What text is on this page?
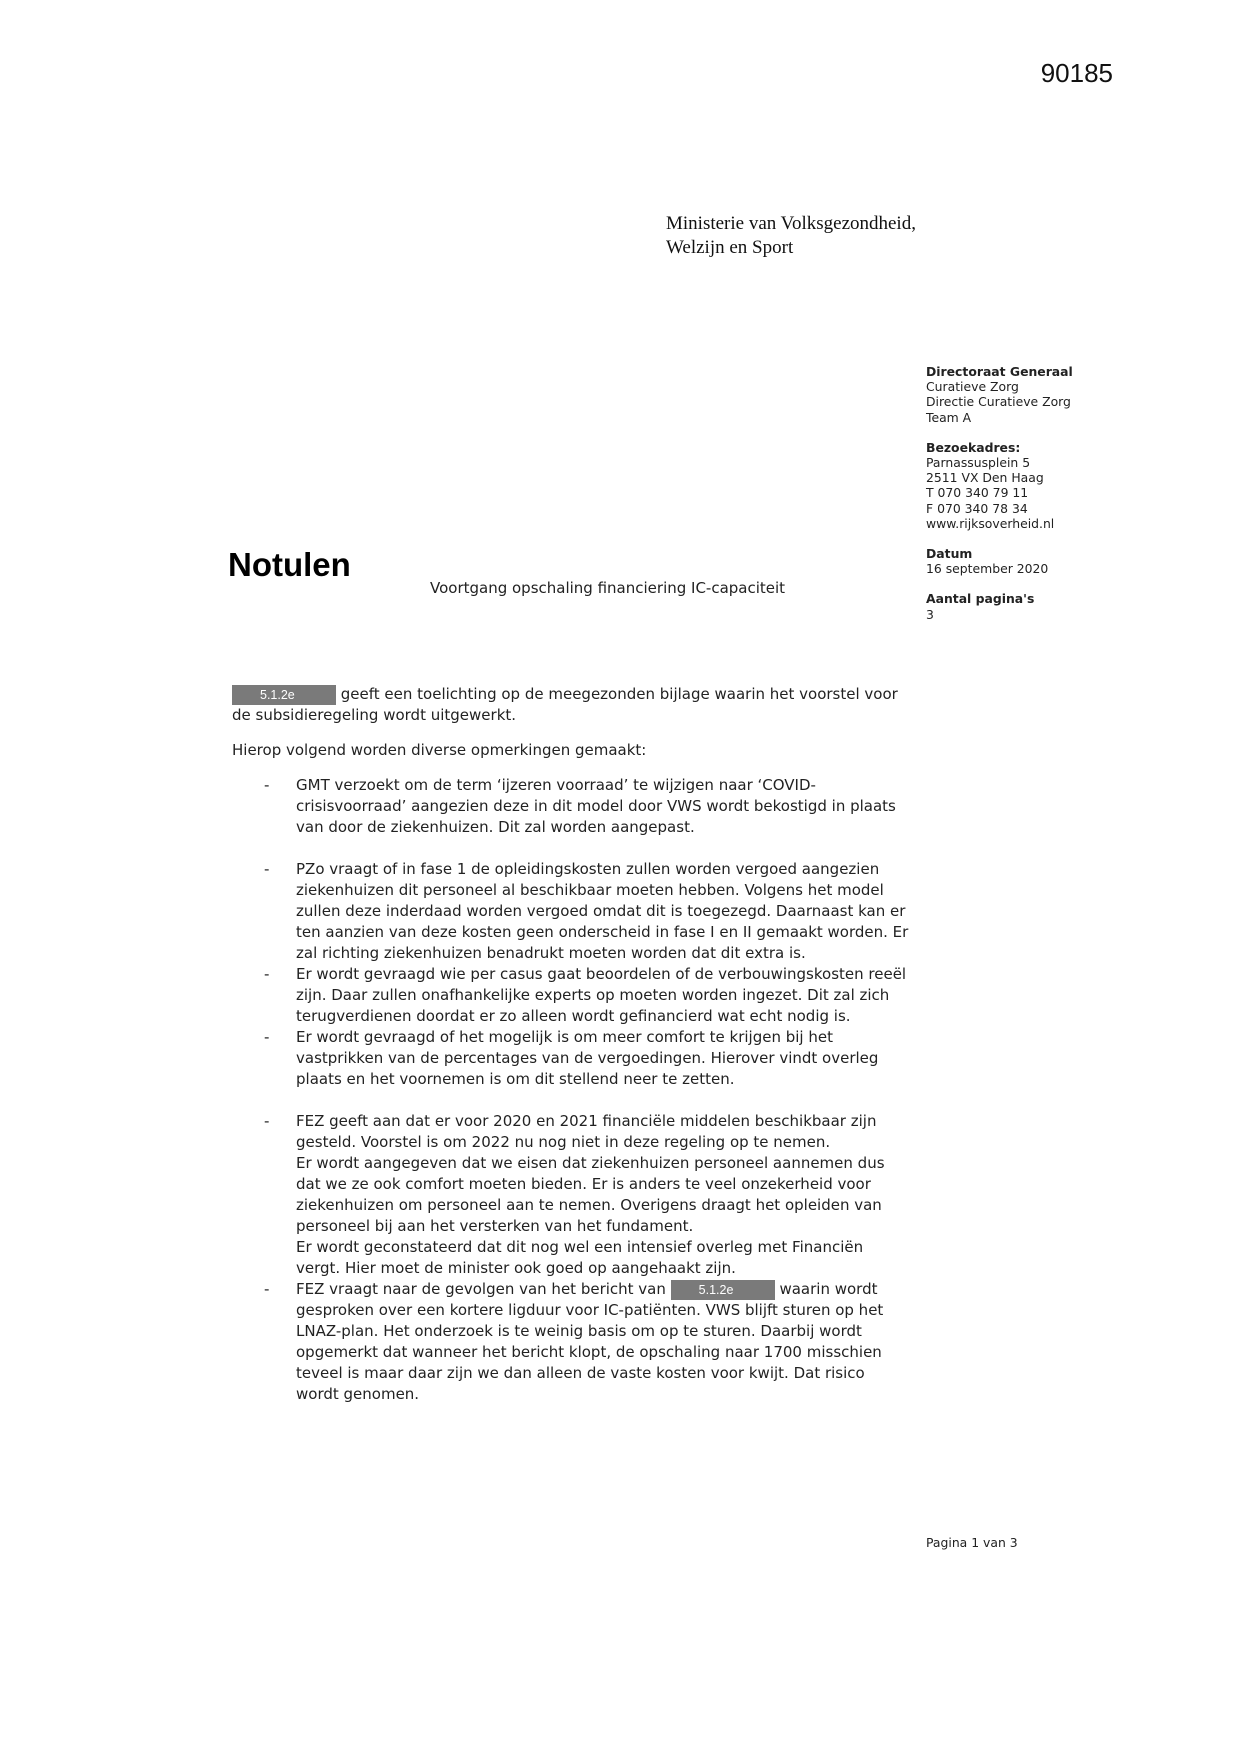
90185
Ministerie van Volksgezondheid,
Welzijn en Sport
Directoraat Generaal
Curatieve Zorg
Directie Curatieve Zorg
Team A
Bezoekadres:
Parnassusplein 5
2511 VX Den Haag
T 070 340 79 11
F 070 340 78 34
www.rijksoverheid.nl
Datum
16 september 2020
Aantal pagina's
3
Notulen
Voortgang opschaling financiering IC-capaciteit

5.1.2e	geeft een toelichting op de meegezonden bijlage waarin het voorstel voor de subsidieregeling wordt uitgewerkt.

Hierop volgend worden diverse opmerkingen gemaakt:

- GMT verzoekt om de term ‘ijzeren voorraad’ te wijzigen naar ‘COVID-crisisvoorraad’ aangezien deze in dit model door VWS wordt bekostigd in plaats van door de ziekenhuizen. Dit zal worden aangepast.
- PZo vraagt of in fase 1 de opleidingskosten zullen worden vergoed aangezien ziekenhuizen dit personeel al beschikbaar moeten hebben. Volgens het model zullen deze inderdaad worden vergoed omdat dit is toegezegd. Daarnaast kan er ten aanzien van deze kosten geen onderscheid in fase I en II gemaakt worden. Er zal richting ziekenhuizen benadrukt moeten worden dat dit extra is.
- Er wordt gevraagd wie per casus gaat beoordelen of de verbouwingskosten reeël zijn. Daar zullen onafhankelijke experts op moeten worden ingezet. Dit zal zich terugverdienen doordat er zo alleen wordt gefinancierd wat echt nodig is.
- Er wordt gevraagd of het mogelijk is om meer comfort te krijgen bij het vastprikken van de percentages van de vergoedingen. Hierover vindt overleg plaats en het voornemen is om dit stellend neer te zetten.
- FEZ geeft aan dat er voor 2020 en 2021 financiële middelen beschikbaar zijn gesteld. Voorstel is om 2022 nu nog niet in deze regeling op te nemen.
Er wordt aangegeven dat we eisen dat ziekenhuizen personeel aannemen dus dat we ze ook comfort moeten bieden. Er is anders te veel onzekerheid voor ziekenhuizen om personeel aan te nemen. Overigens draagt het opleiden van personeel bij aan het versterken van het fundament.
Er wordt geconstateerd dat dit nog wel een intensief overleg met Financiën vergt. Hier moet de minister ook goed op aangehaakt zijn.
- FEZ vraagt naar de gevolgen van het bericht van	5.1.2e	waarin wordt gesproken over een kortere ligduur voor IC-patiënten. VWS blijft sturen op het LNAZ-plan. Het onderzoek is te weinig basis om op te sturen. Daarbij wordt opgemerkt dat wanneer het bericht klopt, de opschaling naar 1700 misschien teveel is maar daar zijn we dan alleen de vaste kosten voor kwijt. Dat risico wordt genomen.
Pagina 1 van 3
